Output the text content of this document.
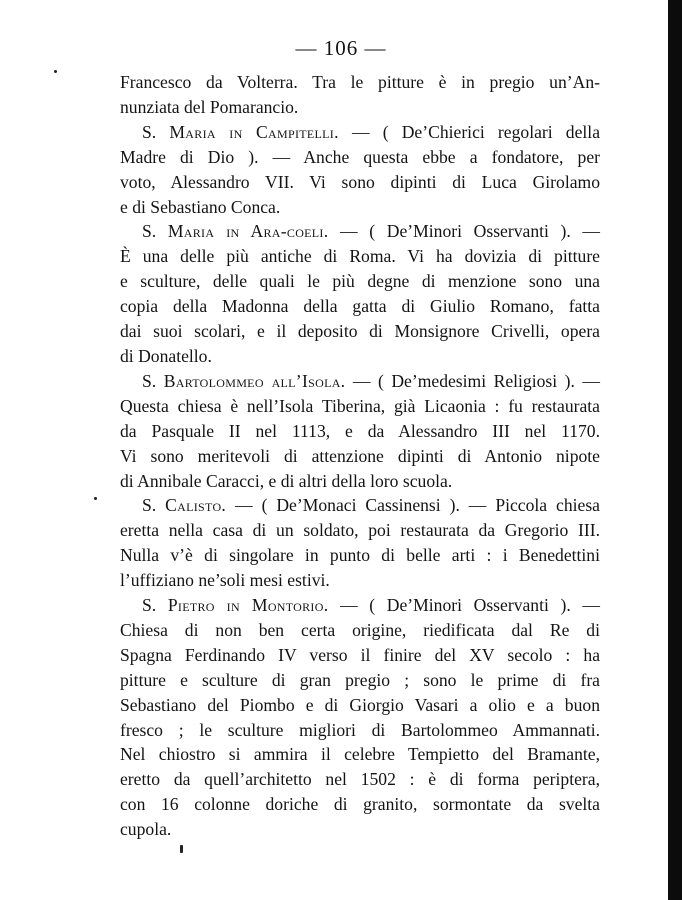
— 106 —
Francesco da Volterra. Tra le pitture è in pregio un’An-
nunziata del Pomarancio.
S. Maria in Campitelli. — ( De’Chierici regolari della
Madre di Dio ). — Anche questa ebbe a fondatore, per
voto, Alessandro VII. Vi sono dipinti di Luca Girolamo
e di Sebastiano Conca.
S. Maria in Ara-coeli. — ( De’Minori Osservanti ). —
È una delle più antiche di Roma. Vi ha dovizia di pitture
e sculture, delle quali le più degne di menzione sono una
copia della Madonna della gatta di Giulio Romano, fatta
dai suoi scolari, e il deposito di Monsignore Crivelli, opera
di Donatello.
S. Bartolommeo all’Isola. — ( De’medesimi Religiosi ). —
Questa chiesa è nell’Isola Tiberina, già Licaonia : fu restaurata
da Pasquale II nel 1113, e da Alessandro III nel 1170.
Vi sono meritevoli di attenzione dipinti di Antonio nipote
di Annibale Caracci, e di altri della loro scuola.
S. Calisto. — ( De’Monaci Cassinensi ). — Piccola chiesa
eretta nella casa di un soldato, poi restaurata da Gregorio III.
Nulla v’è di singolare in punto di belle arti : i Benedettini
l’uffiziano ne’soli mesi estivi.
S. Pietro in Montorio. — ( De’Minori Osservanti ). —
Chiesa di non ben certa origine, riedificata dal Re di
Spagna Ferdinando IV verso il finire del XV secolo : ha
pitture e sculture di gran pregio ; sono le prime di fra
Sebastiano del Piombo e di Giorgio Vasari a olio e a buon
fresco ; le sculture migliori di Bartolommeo Ammannati.
Nel chiostro si ammira il celebre Tempietto del Bramante,
eretto da quell’architetto nel 1502 : è di forma periptera,
con 16 colonne doriche di granito, sormontate da svelta
cupola.
